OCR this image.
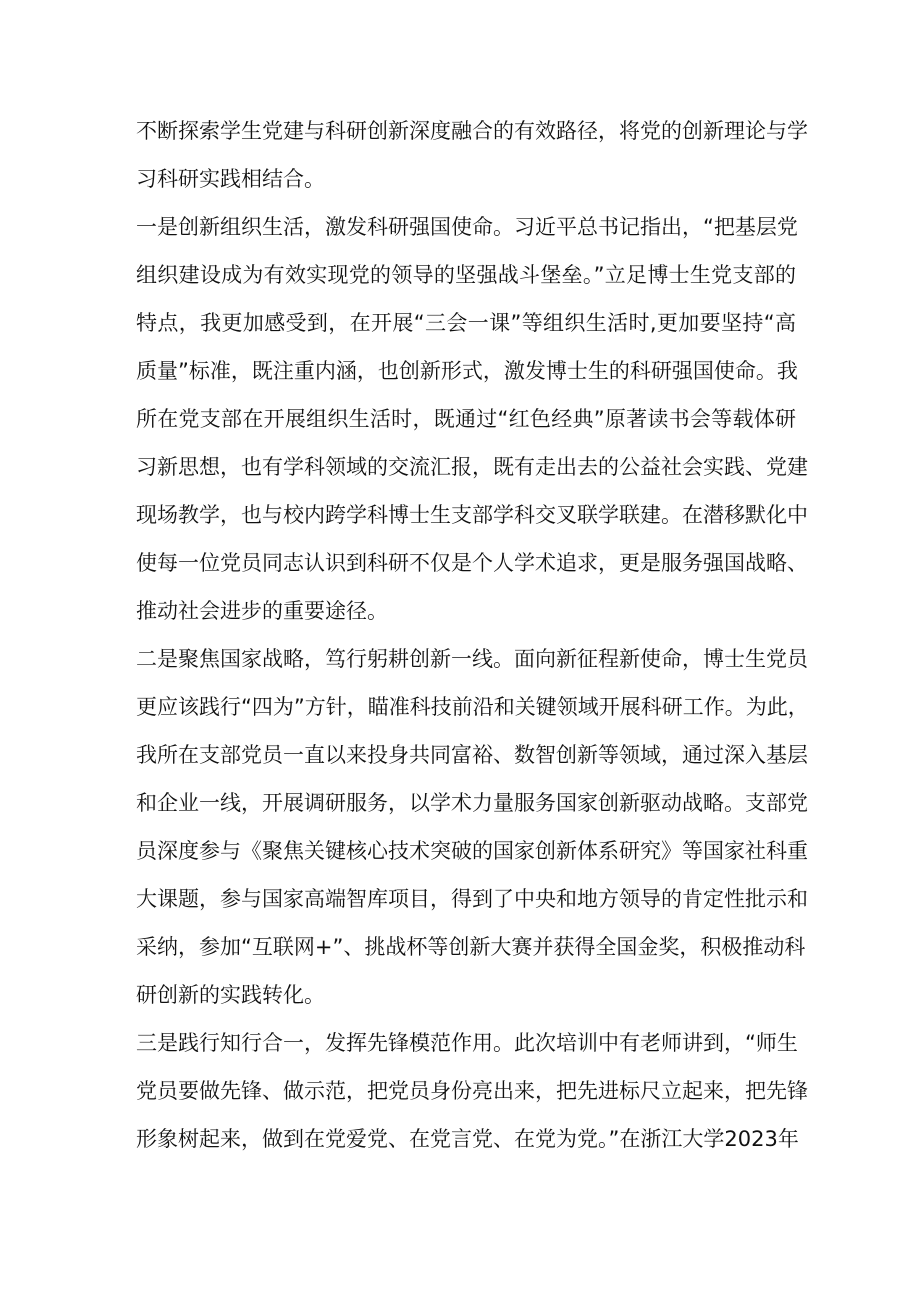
不断探索学生党建与科研创新深度融合的有效路径，将党的创新理论与学
习科研实践相结合。
一是创新组织生活，激发科研强国使命。习近平总书记指出，“把基层党
组织建设成为有效实现党的领导的坚强战斗堡垒。”立足博士生党支部的
特点，我更加感受到，在开展“三会一课”等组织生活时,更加要坚持“高
质量”标准，既注重内涵，也创新形式，激发博士生的科研强国使命。我
所在党支部在开展组织生活时，既通过“红色经典”原著读书会等载体研
习新思想，也有学科领域的交流汇报，既有走出去的公益社会实践、党建
现场教学，也与校内跨学科博士生支部学科交叉联学联建。在潜移默化中
使每一位党员同志认识到科研不仅是个人学术追求，更是服务强国战略、
推动社会进步的重要途径。
二是聚焦国家战略，笃行躬耕创新一线。面向新征程新使命，博士生党员
更应该践行“四为”方针，瞄准科技前沿和关键领域开展科研工作。为此，
我所在支部党员一直以来投身共同富裕、数智创新等领域，通过深入基层
和企业一线，开展调研服务，以学术力量服务国家创新驱动战略。支部党
员深度参与《聚焦关键核心技术突破的国家创新体系研究》等国家社科重
大课题，参与国家高端智库项目，得到了中央和地方领导的肯定性批示和
采纳，参加“互联网+”、挑战杯等创新大赛并获得全国金奖，积极推动科
研创新的实践转化。
三是践行知行合一，发挥先锋模范作用。此次培训中有老师讲到，“师生
党员要做先锋、做示范，把党员身份亮出来，把先进标尺立起来，把先锋
形象树起来，做到在党爱党、在党言党、在党为党。”在浙江大学2023年
